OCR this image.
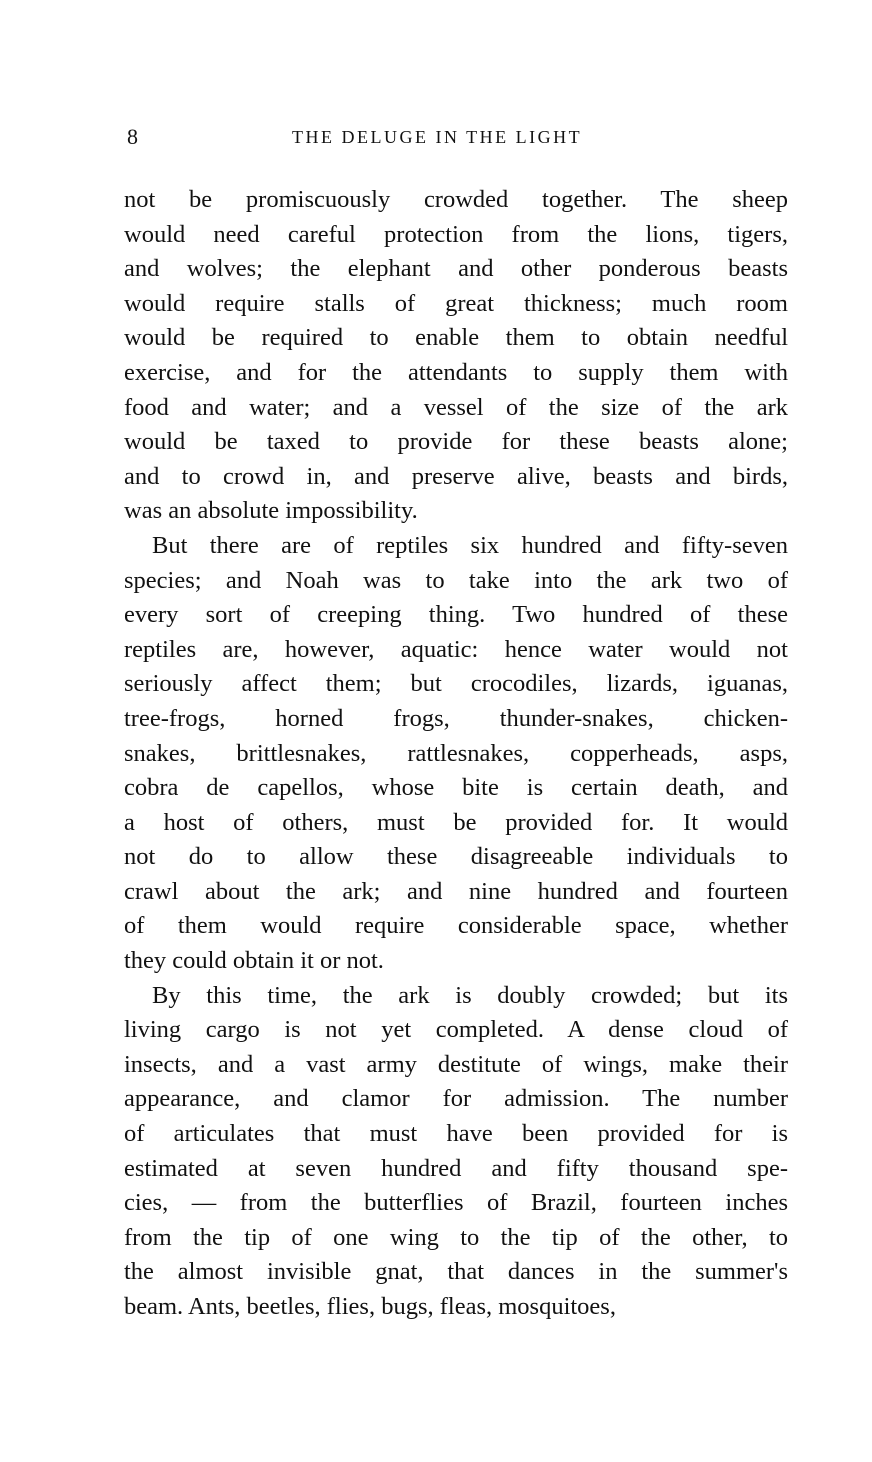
8	THE DELUGE IN THE LIGHT
not be promiscuously crowded together. The sheep
would need careful protection from the lions, tigers,
and wolves; the elephant and other ponderous beasts
would require stalls of great thickness; much room
would be required to enable them to obtain needful
exercise, and for the attendants to supply them with
food and water; and a vessel of the size of the ark
would be taxed to provide for these beasts alone;
and to crowd in, and preserve alive, beasts and birds,
was an absolute impossibility.
But there are of reptiles six hundred and fifty-seven
species; and Noah was to take into the ark two of
every sort of creeping thing. Two hundred of these
reptiles are, however, aquatic: hence water would not
seriously affect them; but crocodiles, lizards, iguanas,
tree-frogs, horned frogs, thunder-snakes, chicken-
snakes, brittlesnakes, rattlesnakes, copperheads, asps,
cobra de capellos, whose bite is certain death, and
a host of others, must be provided for. It would
not do to allow these disagreeable individuals to
crawl about the ark; and nine hundred and fourteen
of them would require considerable space, whether
they could obtain it or not.
By this time, the ark is doubly crowded; but its
living cargo is not yet completed. A dense cloud of
insects, and a vast army destitute of wings, make their
appearance, and clamor for admission. The number
of articulates that must have been provided for is
estimated at seven hundred and fifty thousand spe-
cies, — from the butterflies of Brazil, fourteen inches
from the tip of one wing to the tip of the other, to
the almost invisible gnat, that dances in the summer's
beam. Ants, beetles, flies, bugs, fleas, mosquitoes,
